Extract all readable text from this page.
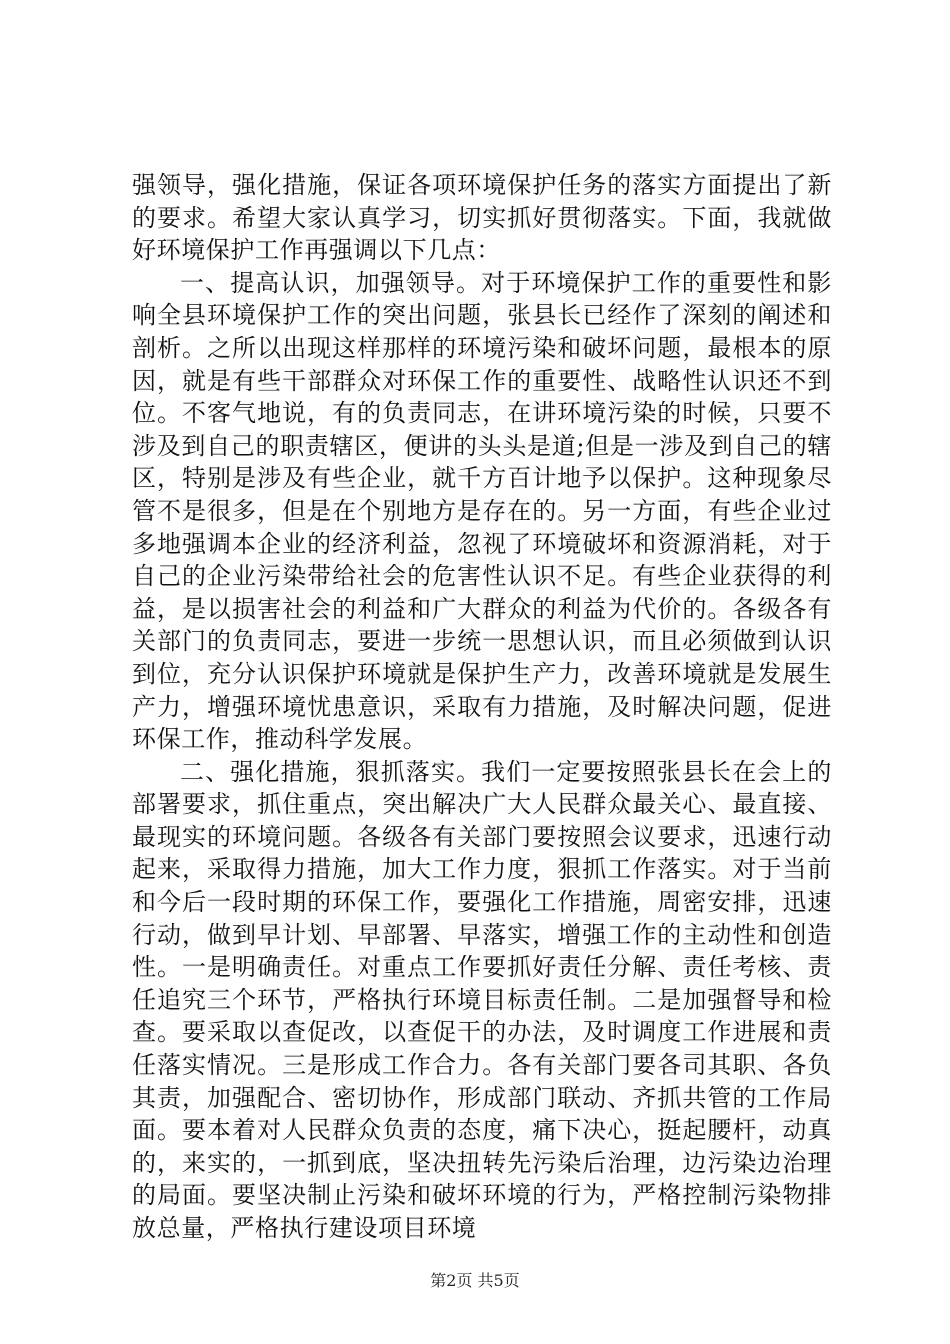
强领导，强化措施，保证各项环境保护任务的落实方面提出了新的要求。希望大家认真学习，切实抓好贯彻落实。下面，我就做好环境保护工作再强调以下几点：

一、提高认识，加强领导。对于环境保护工作的重要性和影响全县环境保护工作的突出问题，张县长已经作了深刻的阐述和剖析。之所以出现这样那样的环境污染和破坏问题，最根本的原因，就是有些干部群众对环保工作的重要性、战略性认识还不到位。不客气地说，有的负责同志，在讲环境污染的时候，只要不涉及到自己的职责辖区，便讲的头头是道;但是一涉及到自己的辖区，特别是涉及有些企业，就千方百计地予以保护。这种现象尽管不是很多，但是在个别地方是存在的。另一方面，有些企业过多地强调本企业的经济利益，忽视了环境破坏和资源消耗，对于自己的企业污染带给社会的危害性认识不足。有些企业获得的利益，是以损害社会的利益和广大群众的利益为代价的。各级各有关部门的负责同志，要进一步统一思想认识，而且必须做到认识到位，充分认识保护环境就是保护生产力，改善环境就是发展生产力，增强环境忧患意识，采取有力措施，及时解决问题，促进环保工作，推动科学发展。

二、强化措施，狠抓落实。我们一定要按照张县长在会上的部署要求，抓住重点，突出解决广大人民群众最关心、最直接、最现实的环境问题。各级各有关部门要按照会议要求，迅速行动起来，采取得力措施，加大工作力度，狠抓工作落实。对于当前和今后一段时期的环保工作，要强化工作措施，周密安排，迅速行动，做到早计划、早部署、早落实，增强工作的主动性和创造性。一是明确责任。对重点工作要抓好责任分解、责任考核、责任追究三个环节，严格执行环境目标责任制。二是加强督导和检查。要采取以查促改，以查促干的办法，及时调度工作进展和责任落实情况。三是形成工作合力。各有关部门要各司其职、各负其责，加强配合、密切协作，形成部门联动、齐抓共管的工作局面。要本着对人民群众负责的态度，痛下决心，挺起腰杆，动真的，来实的，一抓到底，坚决扭转先污染后治理，边污染边治理的局面。要坚决制止污染和破坏环境的行为，严格控制污染物排放总量，严格执行建设项目环境

第2页 共5页
